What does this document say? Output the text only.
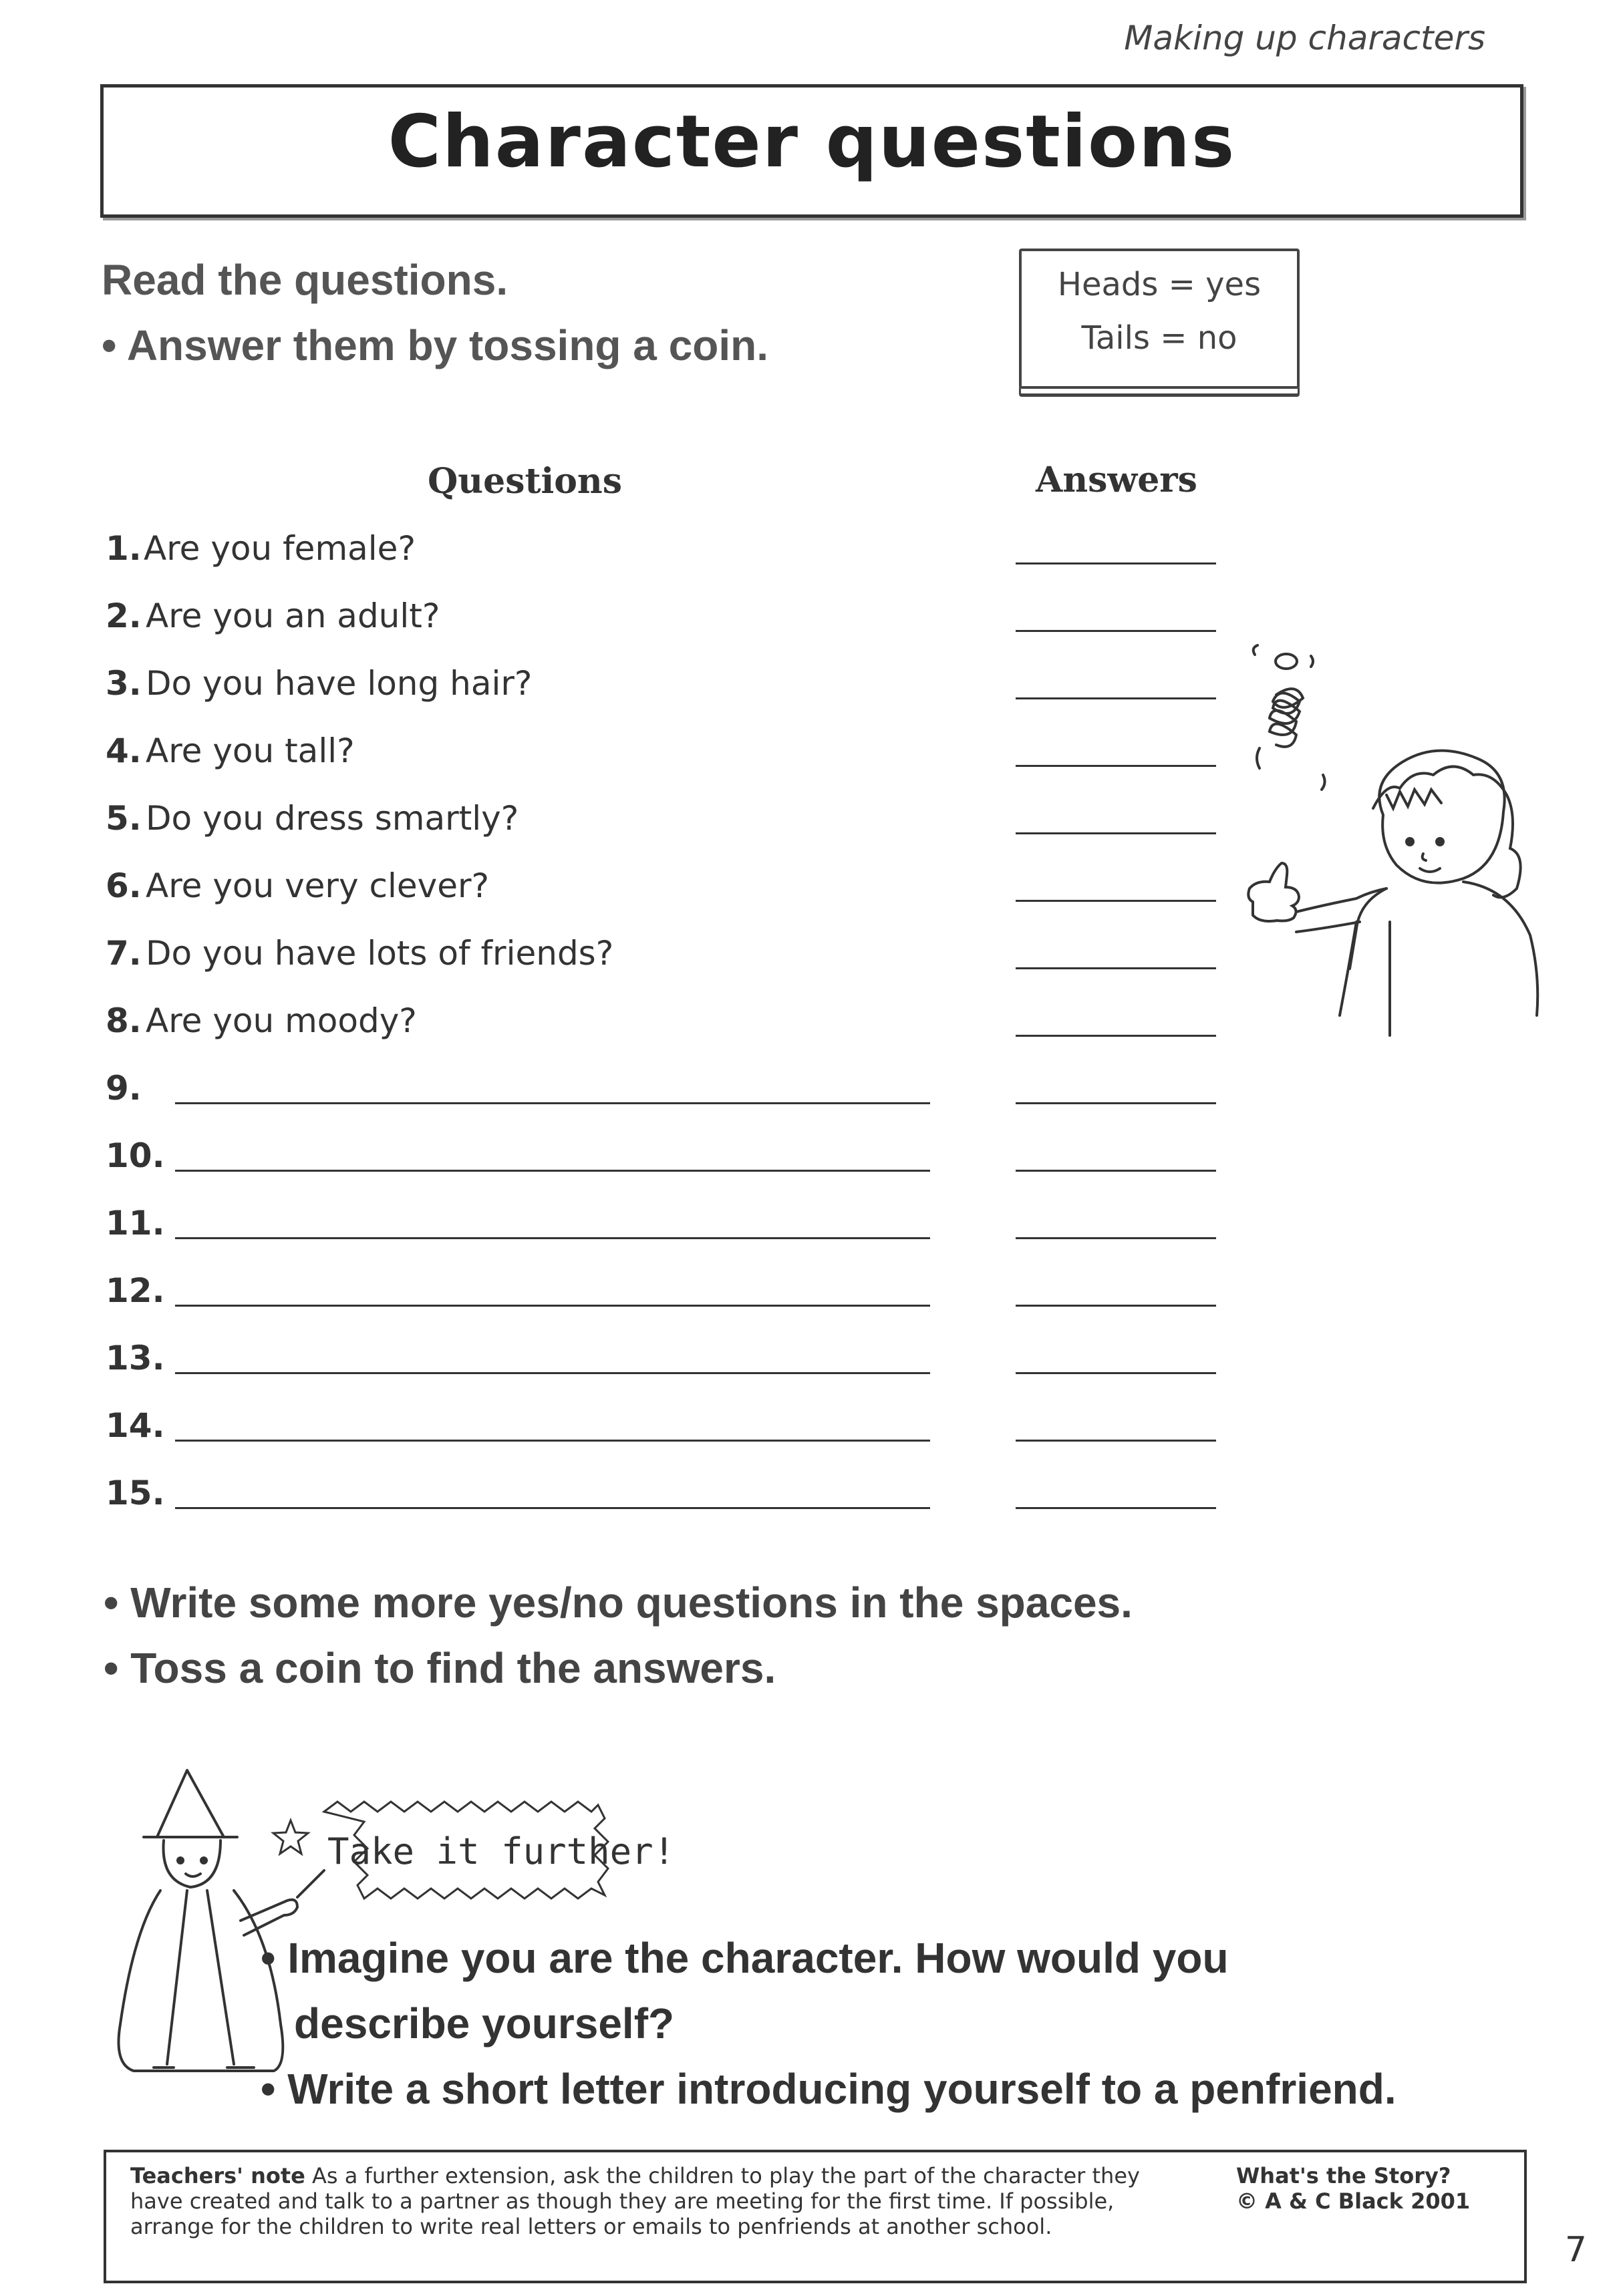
Making up characters
Character questions
Read the questions.
• Answer them by tossing a coin.
Heads = yes
Tails = no
Questions	Answers
1. Are you female?
2. Are you an adult?
3. Do you have long hair?
4. Are you tall?
5. Do you dress smartly?
6. Are you very clever?
7. Do you have lots of friends?
8. Are you moody?
9.
10.
11.
12.
13.
14.
15.
• Write some more yes/no questions in the spaces.
• Toss a coin to find the answers.
Take it further!
• Imagine you are the character. How would you
describe yourself?
• Write a short letter introducing yourself to a penfriend.
Teachers' note As a further extension, ask the children to play the part of the character they
have created and talk to a partner as though they are meeting for the first time. If possible,
arrange for the children to write real letters or emails to penfriends at another school.
What's the Story?
© A & C Black 2001
7
